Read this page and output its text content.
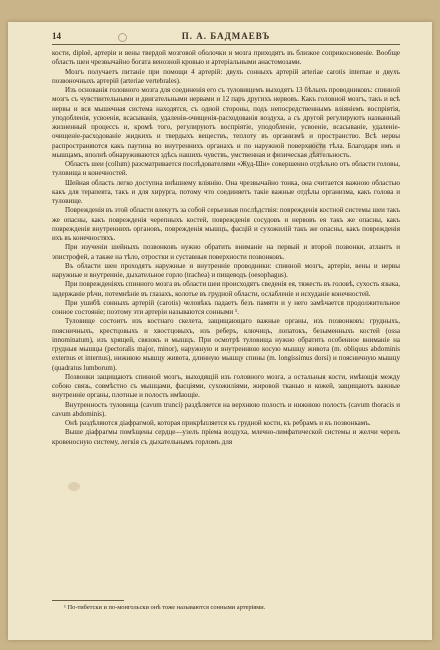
14	П. А. БАДМАЕВЪ

кости, diploë, артеріи и вены твердой мозговой оболочки и мозга приходятъ въ близкое соприкосновеніе. Вообще область шеи чрезвычайно богата венозной кровью и артеріальными анастомозами.

Мозгъ получаетъ питаніе при помощи 4 артерій: двухъ сонныхъ артерій arteriae carotis internae и двухъ позвоночныхъ артерій (arteriae vertebrales).

Изъ основанія головного мозга для соединенія его съ туловищемъ выходятъ 13 бѣлыхъ проводниковъ: спинной мозгъ съ чувствительными и двигательными нервами и 12 паръ другихъ нервовъ. Какъ головной мозгъ, такъ и всѣ нервы и вся мышечная система находятся, съ одной стороны, подъ непосредственнымъ вліяніемъ воспріятія, уподобленія, усвоенія, всасыванія, удаленія-очищенія-расходованія воздуха, а съ другой регулируютъ названный жизненный процессъ и, кромѣ того, регулируютъ воспріятіе, уподобленіе, усвоеніе, всасываніе, удаленіе-очищеніе-расходованіе жидкихъ и твердыхъ веществъ, теплоту въ организмѣ и пространство. Всѣ нервы распространяются какъ паутина во внутреннихъ органахъ и по наружной поверхности тѣла. Благодаря имъ и мышцамъ, вполнѣ обнаруживаются здѣсь нашихъ чувствъ, умственная и физическая дѣятельность.

Область шеи (collum) разсматривается послѣдователями «Жуд-Ши» совершенно отдѣльно отъ области головы, туловища и конечностей.

Шейная область легко доступна внѣшнему вліянію. Она чрезвычайно тонка, она считается важною областью какъ для терапевта, такъ и для хирурга, потому что соединяетъ такіе важные отдѣлы организма, какъ голова и туловище.

Поврежденія въ этой области влекутъ за собой серьезныя послѣдствія: поврежденія костной системы шеи такъ же опасны, какъ поврежденія черепныхъ костей, поврежденія сосудовъ и нервовъ ея такъ же опасны, какъ поврежденія внутреннихъ органовъ, поврежденія мышцъ, фасцій и сухожилій такъ же опасны, какъ поврежденія ихъ въ конечностяхъ.

При изученіи шейныхъ позвонковъ нужно обратить вниманіе на первый и второй позвонки, атлантъ и эпистрофей, а также на тѣло, отростки и суставныя поверхности позвонковъ.

Въ области шеи проходятъ наружные и внутренніе проводники: спинной мозгъ, артеріи, вены и нервы наружные и внутренніе, дыхательное горло (trachea) и пищеводъ (oesophagus).

При поврежденіяхъ спинного мозга въ области шеи происходятъ сведенія ея, тяжесть въ головѣ, сухость языка, задержаніе рѣчи, потемнѣніе въ глазахъ, колотье въ грудной области, ослабленіе и исхуданіе конечностей.

При ушибѣ сонныхъ артерій (carotis) человѣкъ падаетъ безъ памяти и у него замѣчается продолжительное сонное состояніе; поэтому эти артеріи называются сонными ¹.

Туловище состоитъ изъ костнаго скелета, защищающаго важные органы, изъ позвонковъ: грудныхъ, поясничныхъ, крестцовыхъ и хвостцовыхъ, изъ реберъ, ключицъ, лопатокъ, безыменныхъ костей (ossa innominatum), изъ хрящей, связокъ и мышцъ. При осмотрѣ туловища нужно обратить особенное вниманіе на грудныя мышцы (pectoralis major, minor), наружную и внутреннюю косую мышцу живота (m. obliquus abdominis externus et internus), нижнюю мышцу живота, длинную мышцу спины (m. longissimus dorsi) и поясничную мышцу (quadratus lumborum).

Позвонки защищаютъ спинной мозгъ, выходящій изъ головного мозга, а остальныя кости, имѣющія между собою связь, совмѣстно съ мышцами, фасціями, сухожиліями, жировой тканью и кожей, защищаютъ важные внутренніе органы, плотные и полость имѣющіе.

Внутренность туловища (cavum trunci) раздѣляется на верхнюю полость и нижнюю полость (cavum thoracis и cavum abdominis).

Онѣ раздѣляются діафрагмой, которая прикрѣпляется къ грудной кости, къ ребрамъ и къ позвонкамъ.

Выше діафрагмы помѣщены сердце—узелъ пріема воздуха, млечно-лимфатической системы и желчи черезъ кровеносную систему, легкія съ дыхательнымъ горломъ для

¹ По-тибетски и по-монгольски онѣ тоже называются сонными артеріями.
